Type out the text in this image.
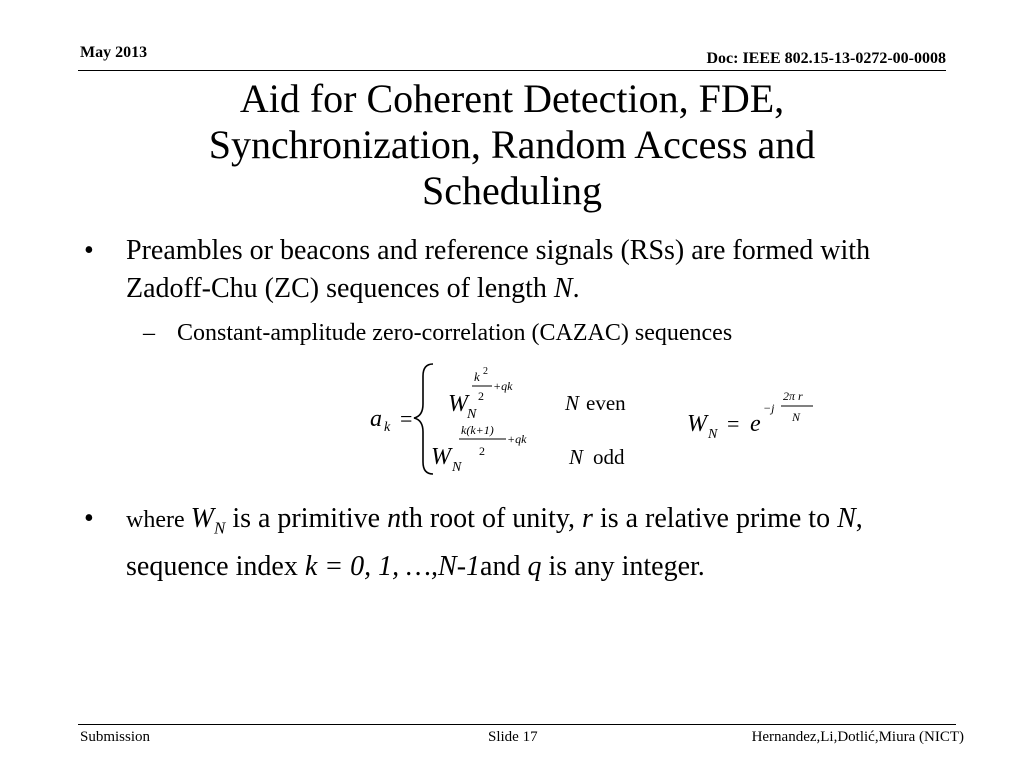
May 2013	Doc: IEEE 802.15-13-0272-00-0008
Aid for Coherent Detection, FDE,
Synchronization, Random Access and
Scheduling
• Preambles or beacons and reference signals (RSs) are formed with Zadoff-Chu (ZC) sequences of length N.
– Constant-amplitude zero-correlation (CAZAC) sequences
a k =
W N
k 2
2
+qk
N even
W N
k(k+1)
2
+qk
N odd
W N = e
−j
2π r
N
• where $W_N$ is a primitive nth root of unity, r is a relative prime to N, sequence index k = 0, 1, …,N-1and q is any integer.
Submission	Slide 17	Hernandez,Li,Dotlić,Miura (NICT)
